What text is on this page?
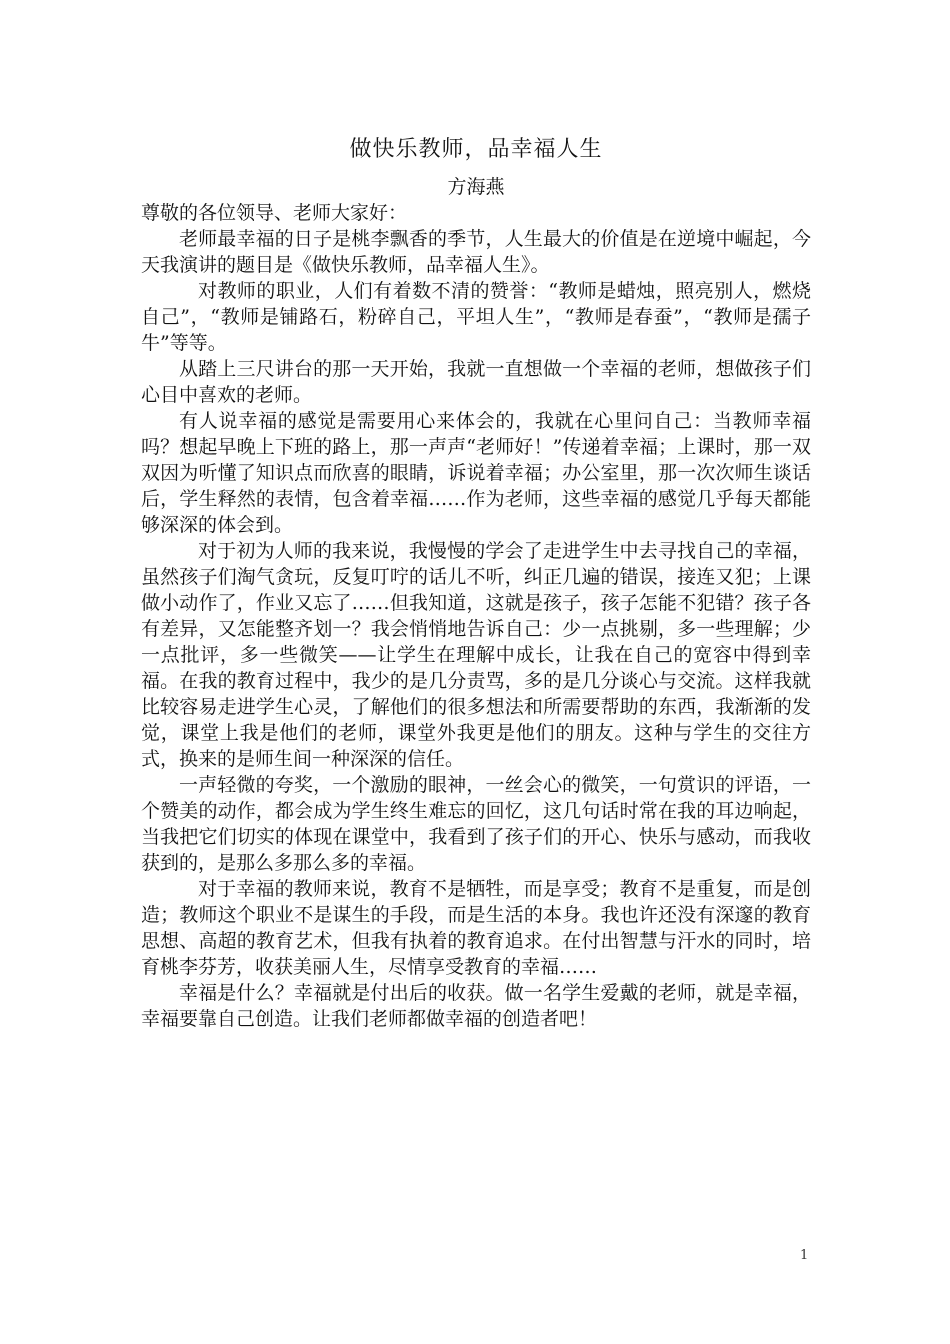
做快乐教师，品幸福人生
方海燕

尊敬的各位领导、老师大家好：

老师最幸福的日子是桃李飘香的季节，人生最大的价值是在逆境中崛起，今天我演讲的题目是《做快乐教师，品幸福人生》。

对教师的职业，人们有着数不清的赞誉：“教师是蜡烛，照亮别人，燃烧自己”，“教师是铺路石，粉碎自己，平坦人生”，“教师是春蚕”，“教师是孺子牛”等等。

从踏上三尺讲台的那一天开始，我就一直想做一个幸福的老师，想做孩子们心目中喜欢的老师。

有人说幸福的感觉是需要用心来体会的，我就在心里问自己：当教师幸福吗？想起早晚上下班的路上，那一声声“老师好！”传递着幸福；上课时，那一双双因为听懂了知识点而欣喜的眼睛，诉说着幸福；办公室里，那一次次师生谈话后，学生释然的表情，包含着幸福……作为老师，这些幸福的感觉几乎每天都能够深深的体会到。

对于初为人师的我来说，我慢慢的学会了走进学生中去寻找自己的幸福，虽然孩子们淘气贪玩，反复叮咛的话儿不听，纠正几遍的错误，接连又犯；上课做小动作了，作业又忘了……但我知道，这就是孩子，孩子怎能不犯错？孩子各有差异，又怎能整齐划一？我会悄悄地告诉自己：少一点挑剔，多一些理解；少一点批评，多一些微笑——让学生在理解中成长，让我在自己的宽容中得到幸福。在我的教育过程中，我少的是几分责骂，多的是几分谈心与交流。这样我就比较容易走进学生心灵，了解他们的很多想法和所需要帮助的东西，我渐渐的发觉，课堂上我是他们的老师，课堂外我更是他们的朋友。这种与学生的交往方式，换来的是师生间一种深深的信任。

一声轻微的夸奖，一个激励的眼神，一丝会心的微笑，一句赏识的评语，一个赞美的动作，都会成为学生终生难忘的回忆，这几句话时常在我的耳边响起，当我把它们切实的体现在课堂中，我看到了孩子们的开心、快乐与感动，而我收获到的，是那么多那么多的幸福。

对于幸福的教师来说，教育不是牺牲，而是享受；教育不是重复，而是创造；教师这个职业不是谋生的手段，而是生活的本身。我也许还没有深邃的教育思想、高超的教育艺术，但我有执着的教育追求。在付出智慧与汗水的同时，培育桃李芬芳，收获美丽人生，尽情享受教育的幸福……

幸福是什么？幸福就是付出后的收获。做一名学生爱戴的老师，就是幸福，幸福要靠自己创造。让我们老师都做幸福的创造者吧！

1
